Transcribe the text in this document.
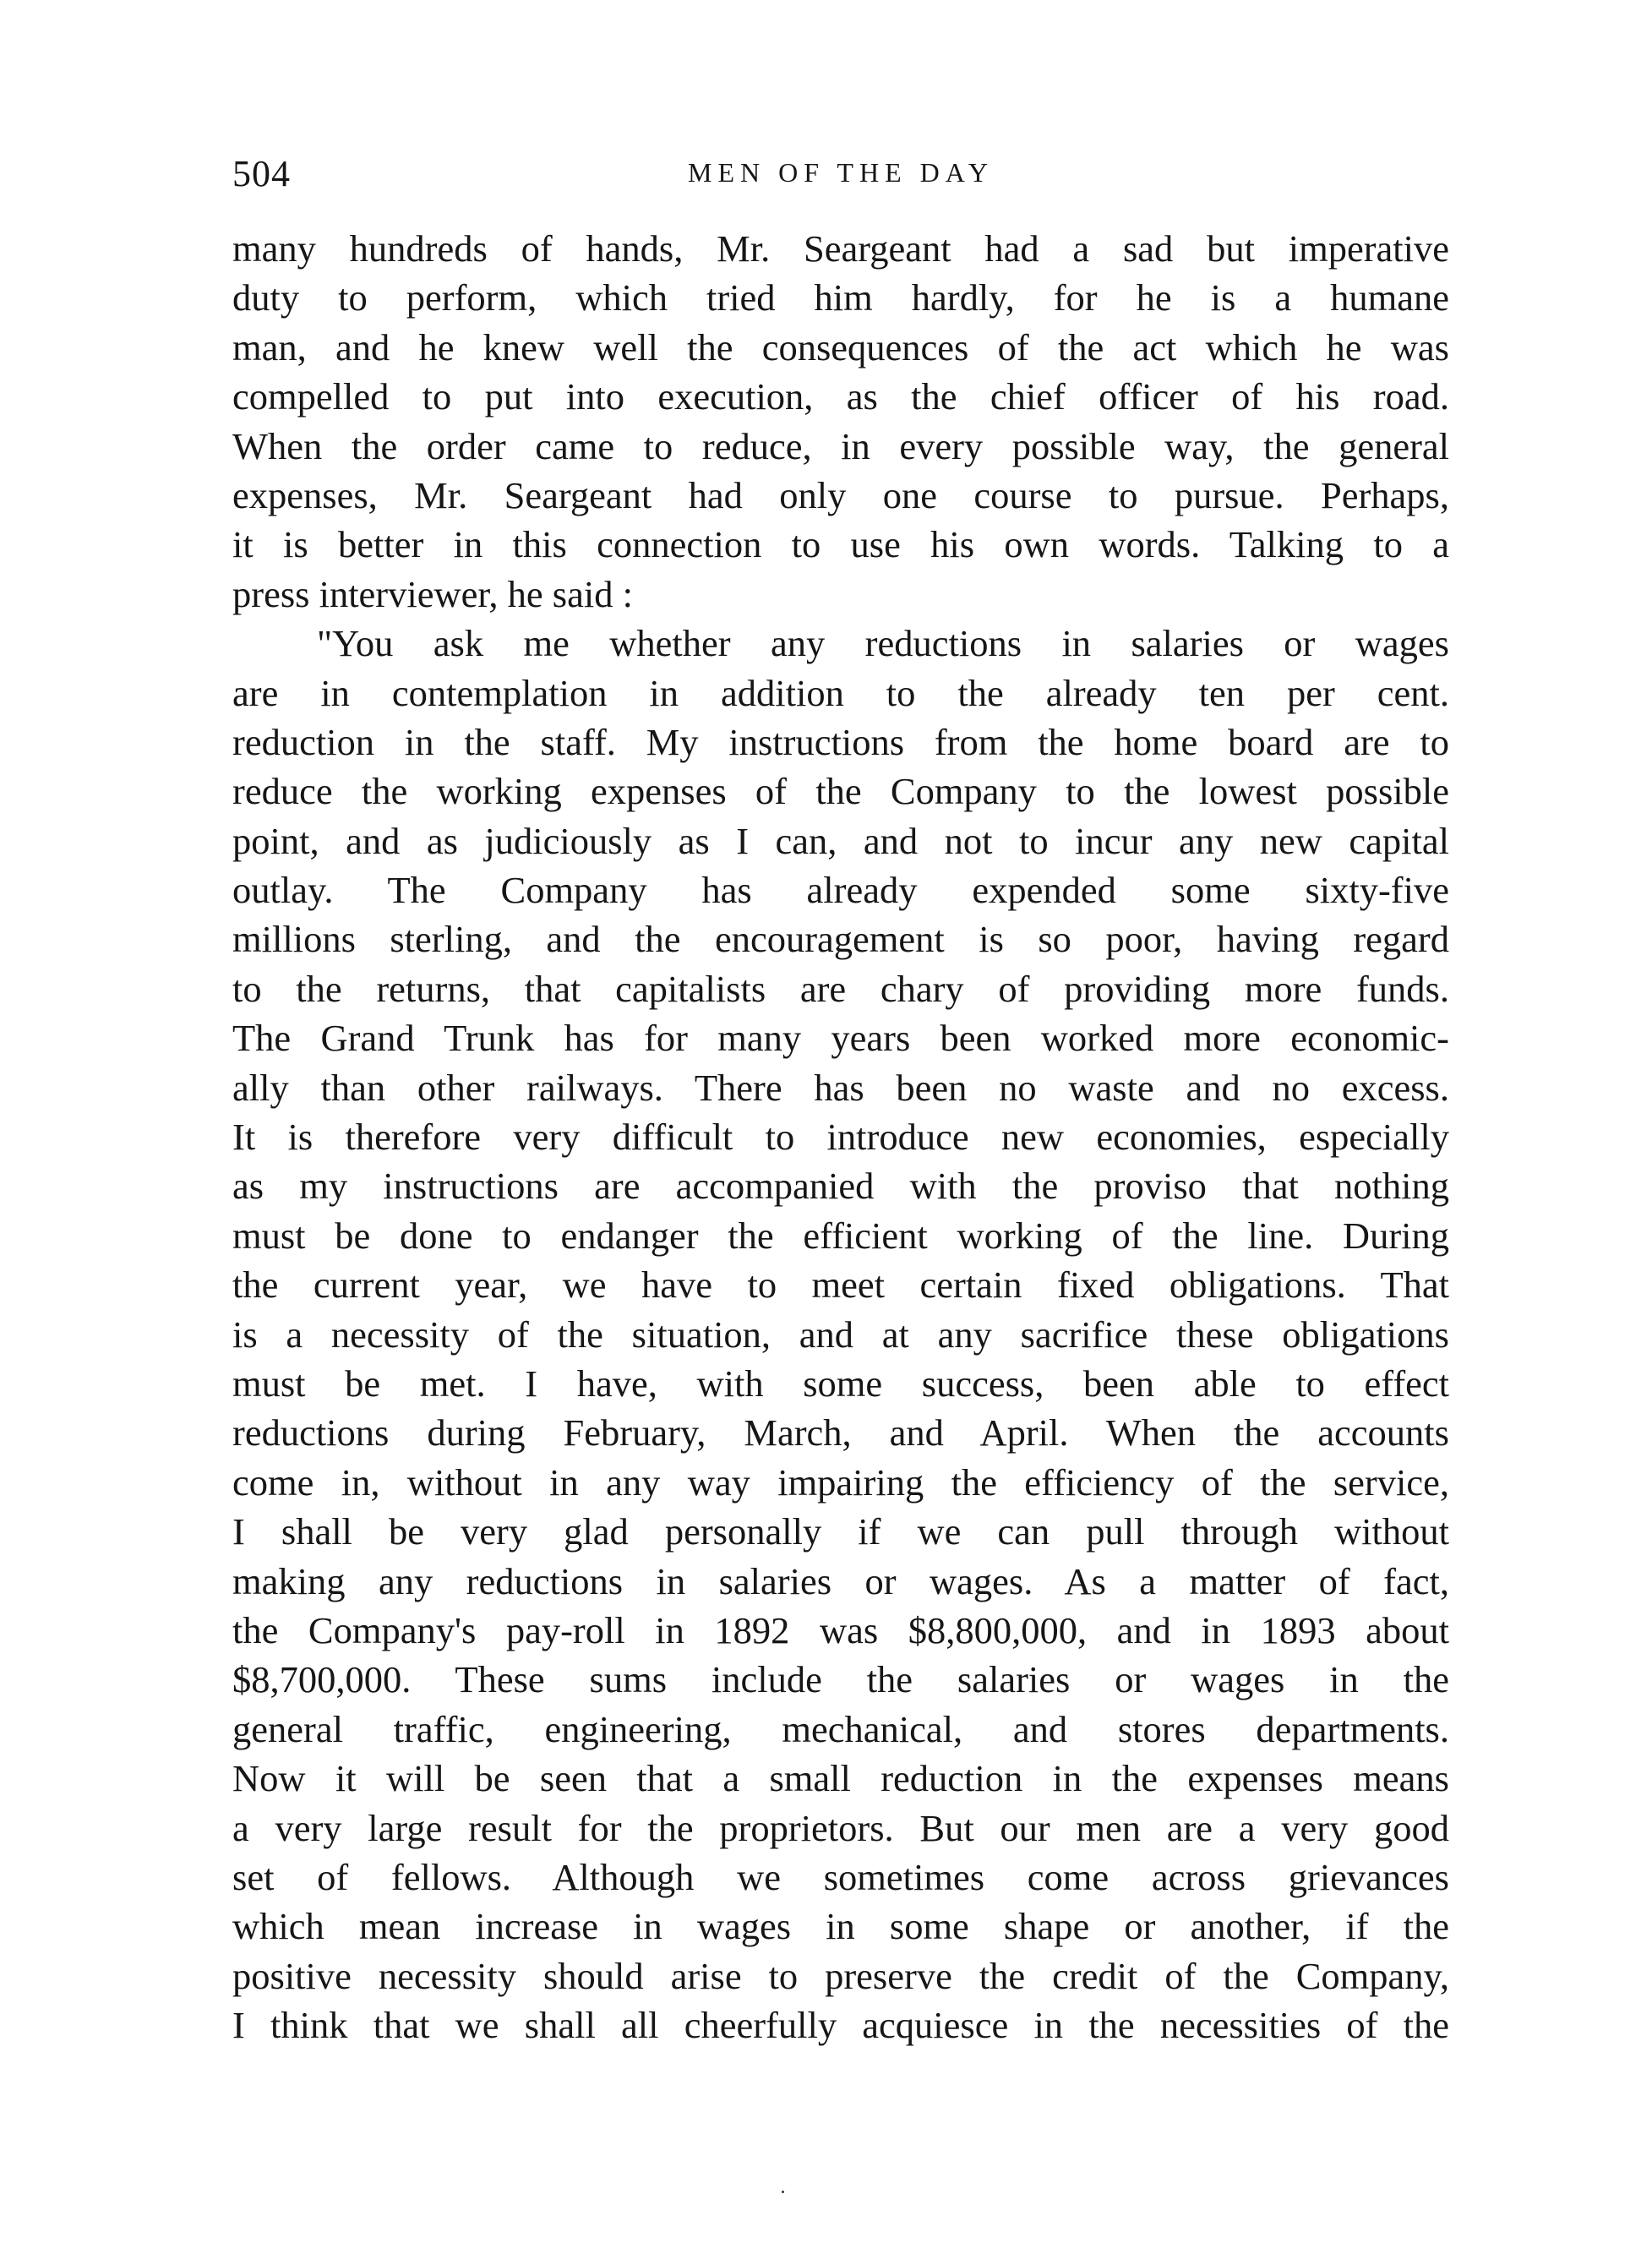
504	MEN OF THE DAY
many hundreds of hands, Mr. Seargeant had a sad but imperative
duty to perform, which tried him hardly, for he is a humane
man, and he knew well the consequences of the act which he was
compelled to put into execution, as the chief officer of his road.
When the order came to reduce, in every possible way, the general
expenses, Mr. Seargeant had only one course to pursue. Perhaps,
it is better in this connection to use his own words. Talking to a
press interviewer, he said :
"You ask me whether any reductions in salaries or wages
are in contemplation in addition to the already ten per cent.
reduction in the staff. My instructions from the home board are to
reduce the working expenses of the Company to the lowest possible
point, and as judiciously as I can, and not to incur any new capital
outlay. The Company has already expended some sixty-five
millions sterling, and the encouragement is so poor, having regard
to the returns, that capitalists are chary of providing more funds.
The Grand Trunk has for many years been worked more economic-
ally than other railways. There has been no waste and no excess.
It is therefore very difficult to introduce new economies, especially
as my instructions are accompanied with the proviso that nothing
must be done to endanger the efficient working of the line. During
the current year, we have to meet certain fixed obligations. That
is a necessity of the situation, and at any sacrifice these obligations
must be met. I have, with some success, been able to effect
reductions during February, March, and April. When the accounts
come in, without in any way impairing the efficiency of the service,
I shall be very glad personally if we can pull through without
making any reductions in salaries or wages. As a matter of fact,
the Company's pay-roll in 1892 was $8,800,000, and in 1893 about
$8,700,000. These sums include the salaries or wages in the
general traffic, engineering, mechanical, and stores departments.
Now it will be seen that a small reduction in the expenses means
a very large result for the proprietors. But our men are a very good
set of fellows. Although we sometimes come across grievances
which mean increase in wages in some shape or another, if the
positive necessity should arise to preserve the credit of the Company,
I think that we shall all cheerfully acquiesce in the necessities of the
